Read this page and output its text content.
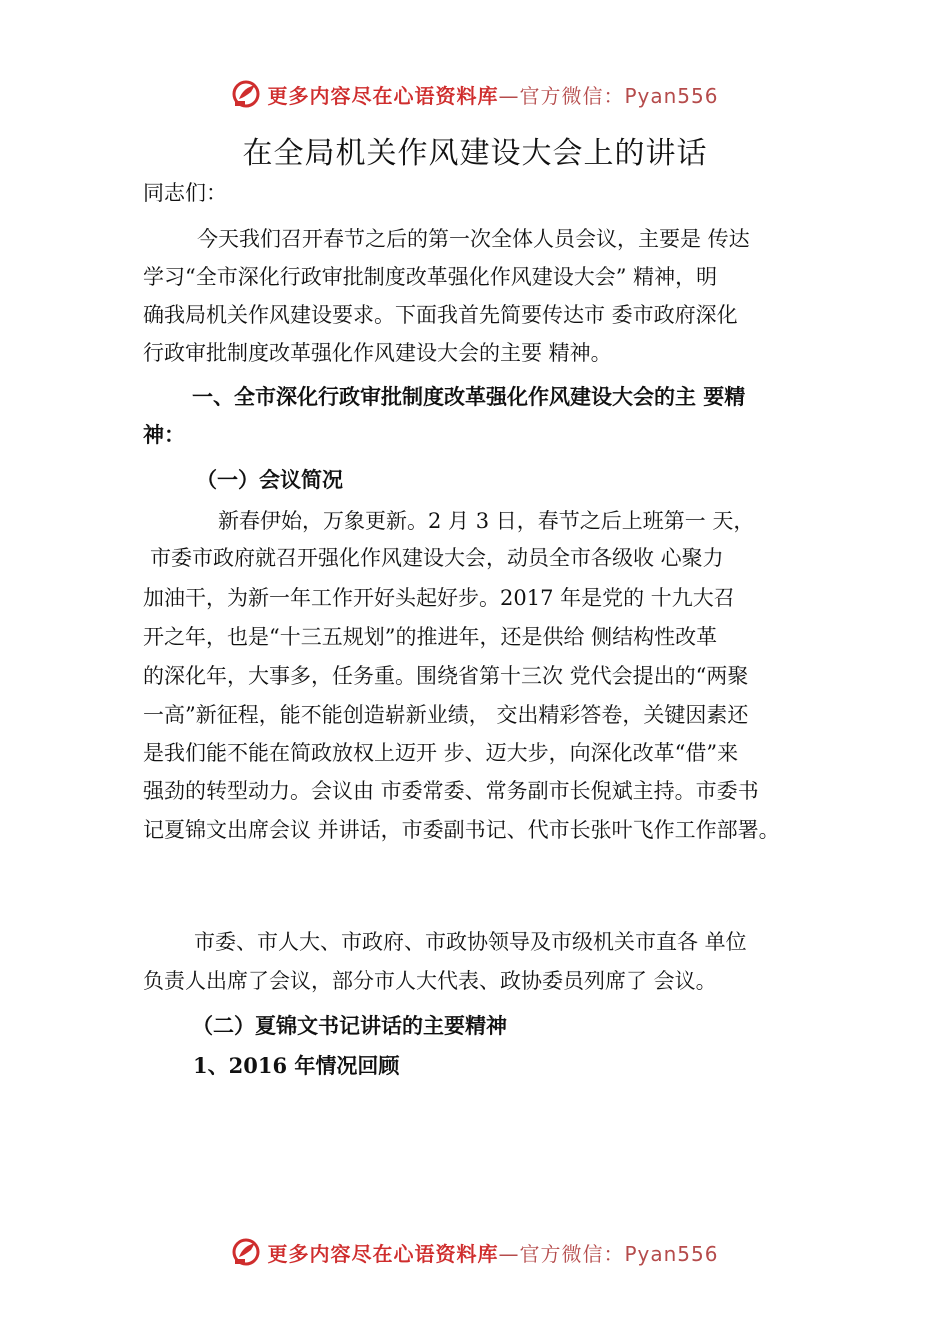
更多内容尽在心语资料库—官方微信：Pyan556
在全局机关作风建设大会上的讲话

同志们：

今天我们召开春节之后的第一次全体人员会议，主要是 传达

学习“全市深化行政审批制度改革强化作风建设大会” 精神，明

确我局机关作风建设要求。下面我首先简要传达市 委市政府深化

行政审批制度改革强化作风建设大会的主要 精神。

一、全市深化行政审批制度改革强化作风建设大会的主 要精

神：

（一）会议简况

新春伊始，万象更新。2 月 3 日，春节之后上班第一 天，

市委市政府就召开强化作风建设大会，动员全市各级收 心聚力

加油干，为新一年工作开好头起好步。2017 年是党的 十九大召

开之年，也是“十三五规划”的推进年，还是供给 侧结构性改革

的深化年，大事多，任务重。围绕省第十三次 党代会提出的“两聚

一高”新征程，能不能创造崭新业绩， 交出精彩答卷，关键因素还

是我们能不能在简政放权上迈开 步、迈大步，向深化改革“借”来

强劲的转型动力。会议由 市委常委、常务副市长倪斌主持。市委书

记夏锦文出席会议 并讲话，市委副书记、代市长张叶飞作工作部署。

市委、市人大、市政府、市政协领导及市级机关市直各 单位

负责人出席了会议，部分市人大代表、政协委员列席了 会议。

（二）夏锦文书记讲话的主要精神

1、2016 年情况回顾

更多内容尽在心语资料库—官方微信：Pyan556
